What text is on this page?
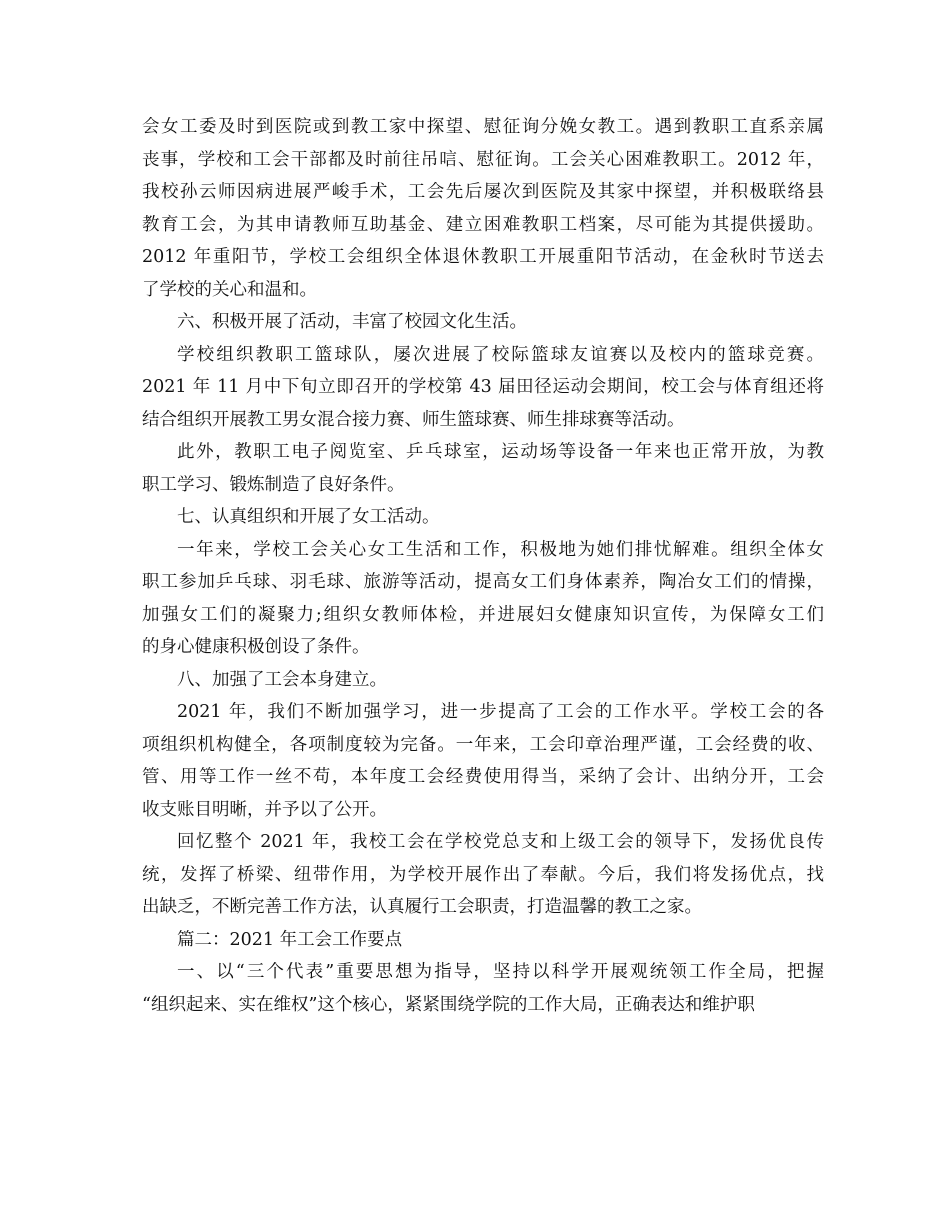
会女工委及时到医院或到教工家中探望、慰征询分娩女教工。遇到教职工直系亲属
丧事，学校和工会干部都及时前往吊唁、慰征询。工会关心困难教职工。2012 年，
我校孙云师因病进展严峻手术，工会先后屡次到医院及其家中探望，并积极联络县
教育工会，为其申请教师互助基金、建立困难教职工档案，尽可能为其提供援助。
2012 年重阳节，学校工会组织全体退休教职工开展重阳节活动，在金秋时节送去
了学校的关心和温和。
六、积极开展了活动，丰富了校园文化生活。
学校组织教职工篮球队，屡次进展了校际篮球友谊赛以及校内的篮球竞赛。
2021 年 11 月中下旬立即召开的学校第 43 届田径运动会期间，校工会与体育组还将
结合组织开展教工男女混合接力赛、师生篮球赛、师生排球赛等活动。
此外，教职工电子阅览室、乒乓球室，运动场等设备一年来也正常开放，为教
职工学习、锻炼制造了良好条件。
七、认真组织和开展了女工活动。
一年来，学校工会关心女工生活和工作，积极地为她们排忧解难。组织全体女
职工参加乒乓球、羽毛球、旅游等活动，提高女工们身体素养，陶冶女工们的情操，
加强女工们的凝聚力;组织女教师体检，并进展妇女健康知识宣传，为保障女工们
的身心健康积极创设了条件。
八、加强了工会本身建立。
2021 年，我们不断加强学习，进一步提高了工会的工作水平。学校工会的各
项组织机构健全，各项制度较为完备。一年来，工会印章治理严谨，工会经费的收、
管、用等工作一丝不苟，本年度工会经费使用得当，采纳了会计、出纳分开，工会
收支账目明晰，并予以了公开。
回忆整个 2021 年，我校工会在学校党总支和上级工会的领导下，发扬优良传
统，发挥了桥梁、纽带作用，为学校开展作出了奉献。今后，我们将发扬优点，找
出缺乏，不断完善工作方法，认真履行工会职责，打造温馨的教工之家。
篇二：2021 年工会工作要点
一、以“三个代表”重要思想为指导，坚持以科学开展观统领工作全局，把握
“组织起来、实在维权”这个核心，紧紧围绕学院的工作大局，正确表达和维护职
